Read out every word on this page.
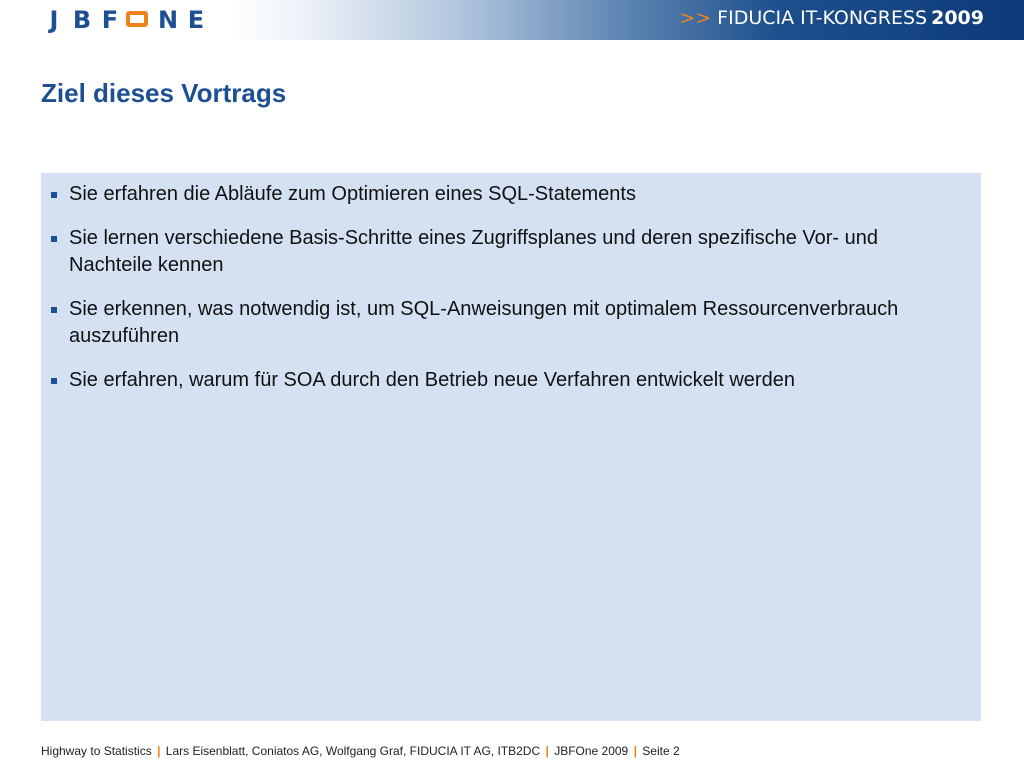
J B F N E	>> FIDUCIA IT-KONGRESS 2009
Ziel dieses Vortrags
Sie erfahren die Abläufe zum Optimieren eines SQL-Statements
Sie lernen verschiedene Basis-Schritte eines Zugriffsplanes und deren spezifische Vor- und Nachteile kennen
Sie erkennen, was notwendig ist, um SQL-Anweisungen mit optimalem Ressourcenverbrauch auszuführen
Sie erfahren, warum für SOA durch den Betrieb neue Verfahren entwickelt werden
Highway to Statistics | Lars Eisenblatt, Coniatos AG, Wolfgang Graf, FIDUCIA IT AG, ITB2DC | JBFOne 2009 | Seite 2
